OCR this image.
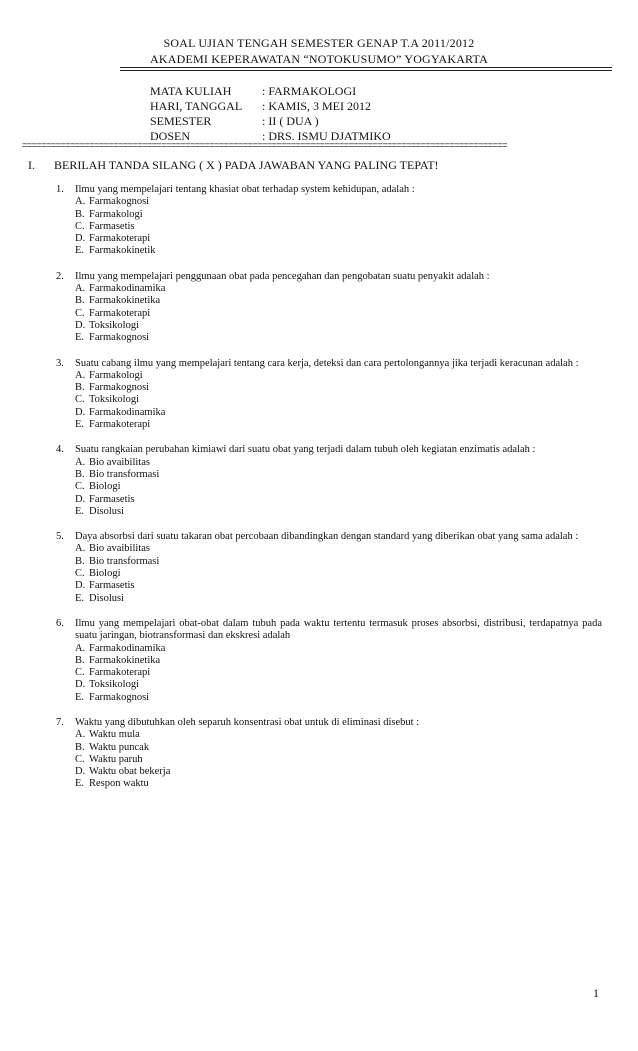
SOAL UJIAN TENGAH SEMESTER GENAP T.A 2011/2012
AKADEMI KEPERAWATAN “NOTOKUSUMO” YOGYAKARTA
MATA KULIAH	: FARMAKOLOGI
HARI, TANGGAL	: KAMIS, 3 MEI 2012
SEMESTER	: II ( DUA )
DOSEN	: DRS. ISMU DJATMIKO
=====================================================================================================
I.	BERILAH TANDA SILANG ( X ) PADA JAWABAN YANG PALING TEPAT!
1.	Ilmu yang mempelajari tentang khasiat obat terhadap system kehidupan, adalah :
A. Farmakognosi
B. Farmakologi
C. Farmasetis
D. Farmakoterapi
E. Farmakokinetik
2.	Ilmu yang mempelajari penggunaan obat pada pencegahan dan pengobatan suatu penyakit adalah :
A. Farmakodinamika
B. Farmakokinetika
C. Farmakoterapi
D. Toksikologi
E. Farmakognosi
3.	Suatu cabang ilmu yang mempelajari tentang cara kerja, deteksi dan cara pertolongannya jika terjadi keracunan adalah :
A. Farmakologi
B. Farmakognosi
C. Toksikologi
D. Farmakodinamika
E. Farmakoterapi
4.	Suatu rangkaian perubahan kimiawi dari suatu obat yang terjadi dalam tubuh oleh kegiatan enzimatis adalah :
A. Bio avaibilitas
B. Bio transformasi
C. Biologi
D. Farmasetis
E. Disolusi
5.	Daya absorbsi dari suatu takaran obat percobaan dibandingkan dengan standard yang diberikan obat yang sama adalah :
A. Bio avaibilitas
B. Bio transformasi
C. Biologi
D. Farmasetis
E. Disolusi
6.	Ilmu yang mempelajari obat-obat dalam tubuh pada waktu tertentu termasuk proses absorbsi, distribusi, terdapatnya pada suatu jaringan, biotransformasi dan ekskresi adalah
A. Farmakodinamika
B. Farmakokinetika
C. Farmakoterapi
D. Toksikologi
E. Farmakognosi
7.	Waktu yang dibutuhkan oleh separuh konsentrasi obat untuk di eliminasi disebut :
A. Waktu mula
B. Waktu puncak
C. Waktu paruh
D. Waktu obat bekerja
E. Respon waktu
1
